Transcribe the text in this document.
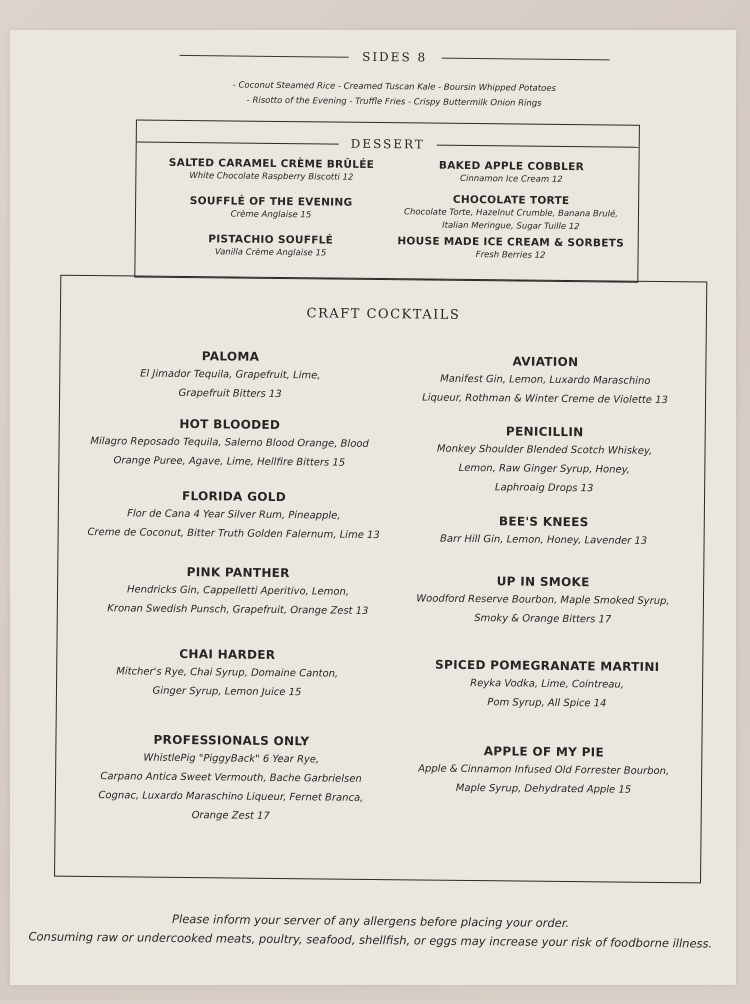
SIDES 8
- Coconut Steamed Rice - Creamed Tuscan Kale - Boursin Whipped Potatoes
- Risotto of the Evening - Truffle Fries - Crispy Buttermilk Onion Rings
DESSERT
SALTED CARAMEL CRÈME BRÛLÉE
White Chocolate Raspberry Biscotti 12
BAKED APPLE COBBLER
Cinnamon Ice Cream 12
SOUFFLÉ OF THE EVENING
Crème Anglaise 15
CHOCOLATE TORTE
Chocolate Torte, Hazelnut Crumble, Banana Brulé,
Italian Meringue, Sugar Tuille 12
PISTACHIO SOUFFLÉ
Vanilla Crème Anglaise 15
HOUSE MADE ICE CREAM & SORBETS
Fresh Berries 12
CRAFT COCKTAILS
PALOMA
El Jimador Tequila, Grapefruit, Lime,
Grapefruit Bitters 13
HOT BLOODED
Milagro Reposado Tequila, Salerno Blood Orange, Blood
Orange Puree, Agave, Lime, Hellfire Bitters 15
FLORIDA GOLD
Flor de Cana 4 Year Silver Rum, Pineapple,
Creme de Coconut, Bitter Truth Golden Falernum, Lime 13
PINK PANTHER
Hendricks Gin, Cappelletti Aperitivo, Lemon,
Kronan Swedish Punsch, Grapefruit, Orange Zest 13
CHAI HARDER
Mitcher's Rye, Chai Syrup, Domaine Canton,
Ginger Syrup, Lemon Juice 15
PROFESSIONALS ONLY
WhistlePig "PiggyBack" 6 Year Rye,
Carpano Antica Sweet Vermouth, Bache Garbrielsen
Cognac, Luxardo Maraschino Liqueur, Fernet Branca,
Orange Zest 17
AVIATION
Manifest Gin, Lemon, Luxardo Maraschino
Liqueur, Rothman & Winter Creme de Violette 13
PENICILLIN
Monkey Shoulder Blended Scotch Whiskey,
Lemon, Raw Ginger Syrup, Honey,
Laphroaig Drops 13
BEE'S KNEES
Barr Hill Gin, Lemon, Honey, Lavender 13
UP IN SMOKE
Woodford Reserve Bourbon, Maple Smoked Syrup,
Smoky & Orange Bitters 17
SPICED POMEGRANATE MARTINI
Reyka Vodka, Lime, Cointreau,
Pom Syrup, All Spice 14
APPLE OF MY PIE
Apple & Cinnamon Infused Old Forrester Bourbon,
Maple Syrup, Dehydrated Apple 15
Please inform your server of any allergens before placing your order.
Consuming raw or undercooked meats, poultry, seafood, shellfish, or eggs may increase your risk of foodborne illness.
